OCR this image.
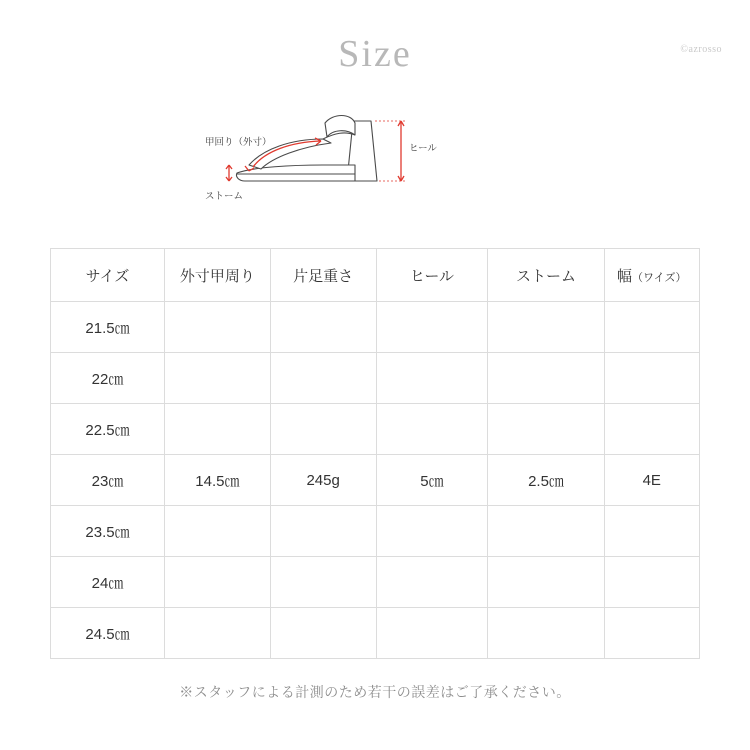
Size	©azrosso
甲回り（外寸）
ストーム
ヒール
サイズ	外寸甲周り	片足重さ	ヒール	ストーム	幅（ワイズ）
21.5㎝					
22㎝					
22.5㎝					
23㎝	14.5㎝	245g	5㎝	2.5㎝	4E
23.5㎝					
24㎝					
24.5㎝					
※スタッフによる計測のため若干の誤差はご了承ください。
